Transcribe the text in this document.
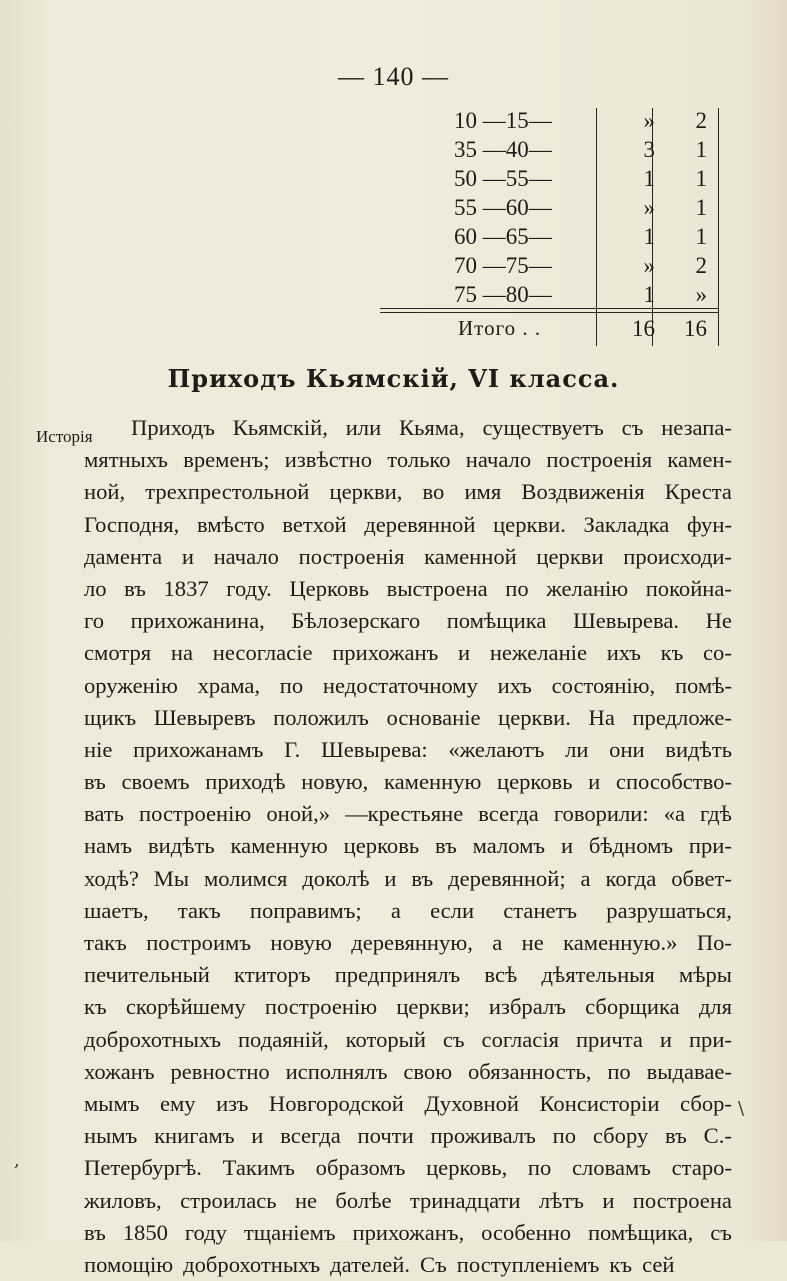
— 140 —
Итого . .	16	16
10 —15—	»	2
35 —40—	3	1
50 —55—	1	1
55 —60—	»	1
60 —65—	1	1
70 —75—	»	2
75 —80—	1	»
Приходъ Кьямскій, VI класса.
Исторія Приходъ Кьямскій, или Кьяма, существуетъ съ незапа-
мятныхъ временъ; извѣстно только начало построенія камен-
ной, трехпрестольной церкви, во имя Воздвиженія Креста
Господня, вмѣсто ветхой деревянной церкви. Закладка фун-
дамента и начало построенія каменной церкви происходи-
ло въ 1837 году. Церковь выстроена по желанію покойна-
го прихожанина, Бѣлозерскаго помѣщика Шевырева. Не
смотря на несогласіе прихожанъ и нежеланіе ихъ къ со-
оруженію храма, по недостаточному ихъ состоянію, помѣ-
щикъ Шевыревъ положилъ основаніе церкви. На предложе-
ніе прихожанамъ Г. Шевырева: «желаютъ ли они видѣть
въ своемъ приходѣ новую, каменную церковь и способство-
вать построенію оной,» —крестьяне всегда говорили: «а гдѣ
намъ видѣть каменную церковь въ маломъ и бѣдномъ при-
ходѣ? Мы молимся доколѣ и въ деревянной; а когда обвет-
шаетъ, такъ поправимъ; а если станетъ разрушаться,
такъ построимъ новую деревянную, а не каменную.» По-
печительный ктиторъ предпринялъ всѣ дѣятельныя мѣры
къ скорѣйшему построенію церкви; избралъ сборщика для
доброхотныхъ подаяній, который съ согласія причта и при-
хожанъ ревностно исполнялъ свою обязанность, по выдавае-
мымъ ему изъ Новгородской Духовной Консисторіи сбор-
нымъ книгамъ и всегда почти проживалъ по сбору въ С.-
Петербургѣ. Такимъ образомъ церковь, по словамъ старо-
жиловъ, строилась не болѣе тринадцати лѣтъ и построена
въ 1850 году тщаніемъ прихожанъ, особенно помѣщика, съ
помощію доброхотныхъ дателей. Съ поступленіемъ къ сей
\
,
